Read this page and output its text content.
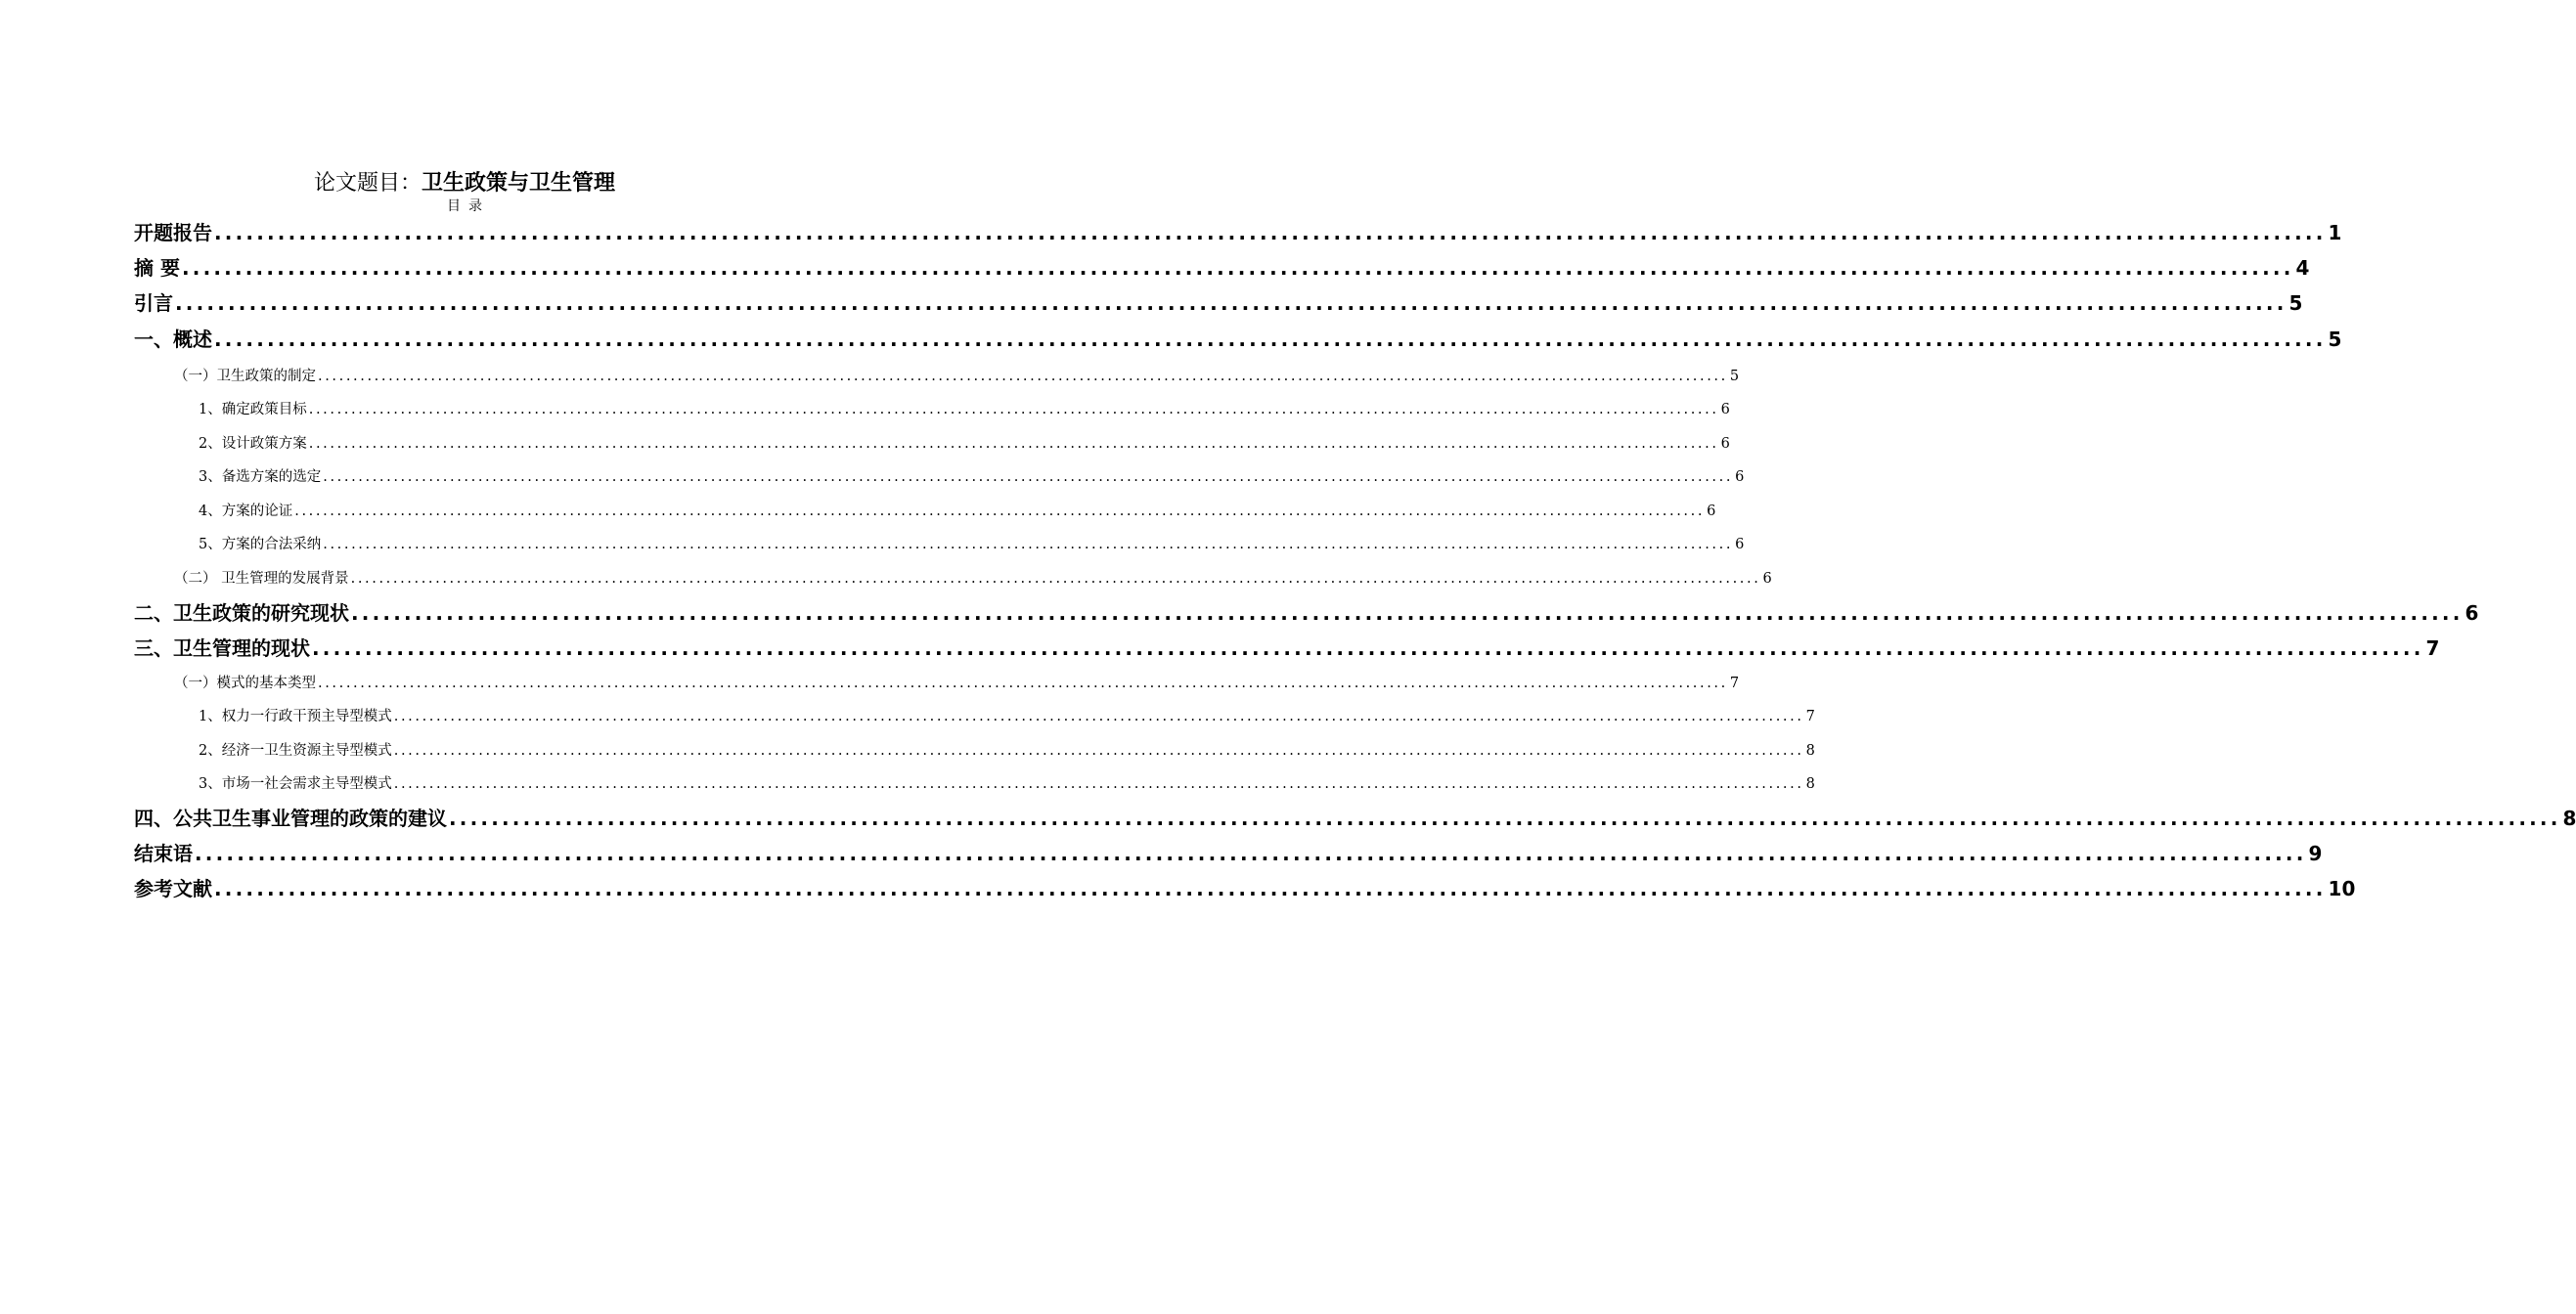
论文题目：卫生政策与卫生管理
目录
开题报告 ........................................................................................................................................................................................................ 1
摘 要 ........................................................................................................................................................................................................ 4
引言 ........................................................................................................................................................................................................ 5
一、概述 ........................................................................................................................................................................................................ 5
（一）卫生政策的制定 ........................................................................................................................................................................................................ 5
1、确定政策目标 ........................................................................................................................................................................................................ 6
2、设计政策方案 ........................................................................................................................................................................................................ 6
3、备选方案的选定 ........................................................................................................................................................................................................ 6
4、方案的论证 ........................................................................................................................................................................................................ 6
5、方案的合法采纳 ........................................................................................................................................................................................................ 6
（二） 卫生管理的发展背景 ........................................................................................................................................................................................................ 6
二、卫生政策的研究现状 ........................................................................................................................................................................................................ 6
三、卫生管理的现状 ........................................................................................................................................................................................................ 7
（一）模式的基本类型 ........................................................................................................................................................................................................ 7
1、权力一行政干预主导型模式 ........................................................................................................................................................................................................ 7
2、经济一卫生资源主导型模式 ........................................................................................................................................................................................................ 8
3、市场一社会需求主导型模式 ........................................................................................................................................................................................................ 8
四、公共卫生事业管理的政策的建议 ........................................................................................................................................................................................................ 8
结束语 ........................................................................................................................................................................................................ 9
参考文献 ........................................................................................................................................................................................................ 10
